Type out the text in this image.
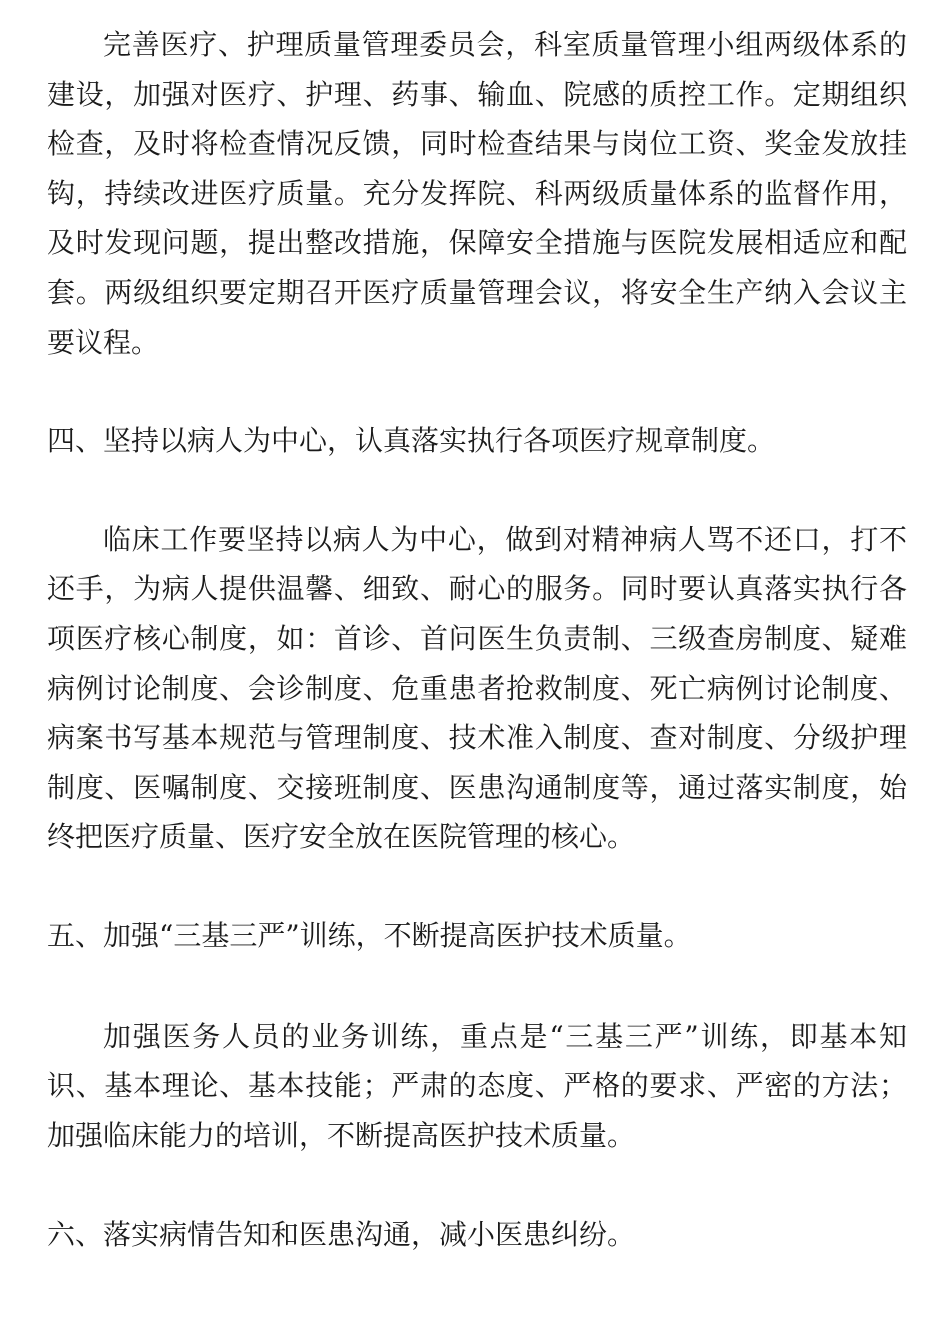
完善医疗、护理质量管理委员会，科室质量管理小组两级体系的建设，加强对医疗、护理、药事、输血、院感的质控工作。定期组织检查，及时将检查情况反馈，同时检查结果与岗位工资、奖金发放挂钩，持续改进医疗质量。充分发挥院、科两级质量体系的监督作用，及时发现问题，提出整改措施，保障安全措施与医院发展相适应和配套。两级组织要定期召开医疗质量管理会议，将安全生产纳入会议主要议程。

四、坚持以病人为中心，认真落实执行各项医疗规章制度。

临床工作要坚持以病人为中心，做到对精神病人骂不还口，打不还手，为病人提供温馨、细致、耐心的服务。同时要认真落实执行各项医疗核心制度，如：首诊、首问医生负责制、三级查房制度、疑难病例讨论制度、会诊制度、危重患者抢救制度、死亡病例讨论制度、病案书写基本规范与管理制度、技术准入制度、查对制度、分级护理制度、医嘱制度、交接班制度、医患沟通制度等，通过落实制度，始终把医疗质量、医疗安全放在医院管理的核心。

五、加强“三基三严”训练，不断提高医护技术质量。

加强医务人员的业务训练，重点是“三基三严”训练，即基本知识、基本理论、基本技能；严肃的态度、严格的要求、严密的方法；加强临床能力的培训，不断提高医护技术质量。

六、落实病情告知和医患沟通，减小医患纠纷。
